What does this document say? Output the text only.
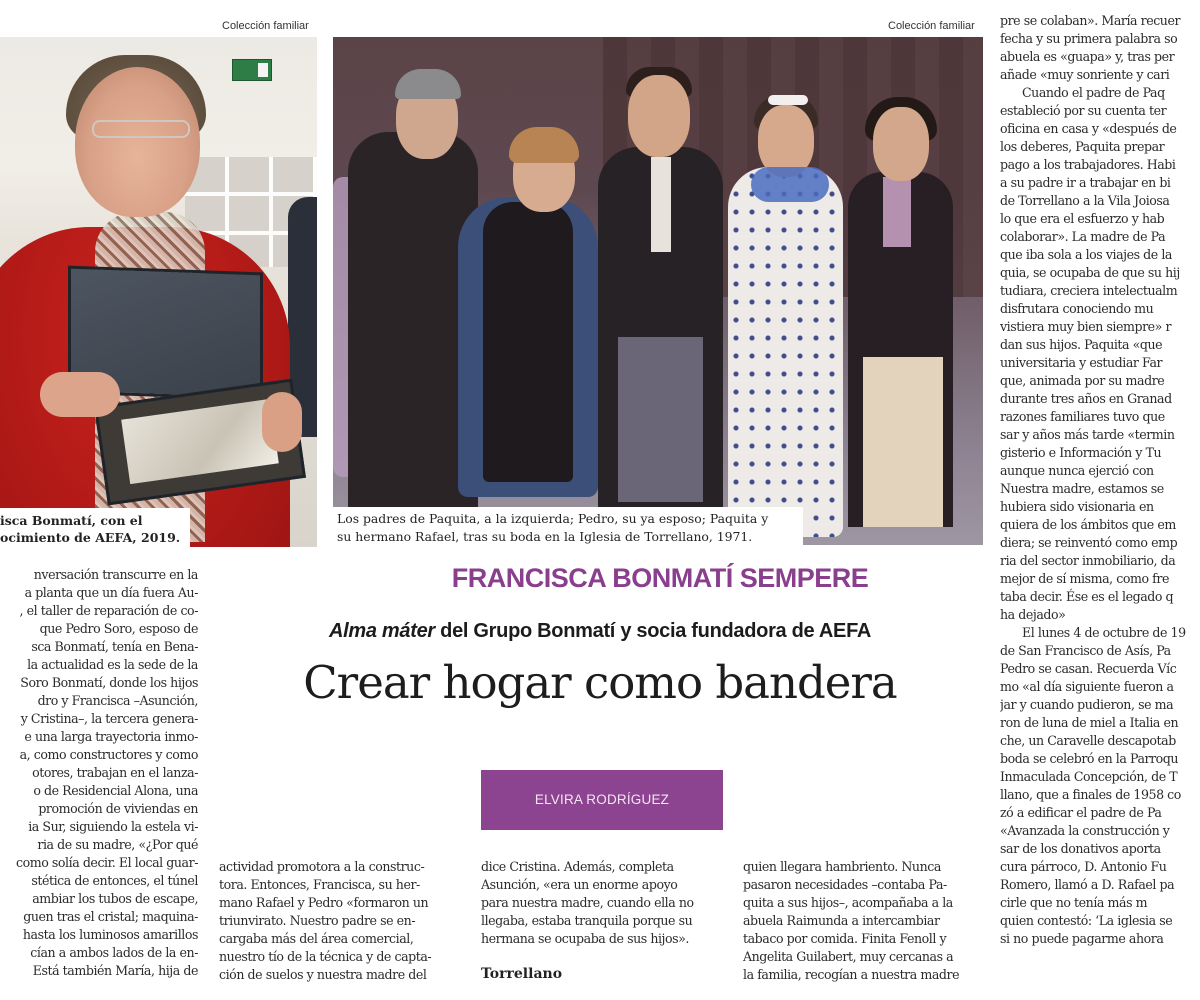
Colección familiar	Colección familiar
isca Bonmatí, con el
ocimiento de AEFA, 2019.
Los padres de Paquita, a la izquierda; Pedro, su ya esposo; Paquita y
su hermano Rafael, tras su boda en la Iglesia de Torrellano, 1971.
FRANCISCA BONMATÍ SEMPERE
Alma máter del Grupo Bonmatí y socia fundadora de AEFA
Crear hogar como bandera
ELVIRA RODRÍGUEZ
nversación transcurre en la
a planta que un día fuera Au-
, el taller de reparación de co-
que Pedro Soro, esposo de
sca Bonmatí, tenía en Bena-
la actualidad es la sede de la
Soro Bonmatí, donde los hijos
dro y Francisca –Asunción,
y Cristina–, la tercera genera-
e una larga trayectoria inmo-
a, como constructores y como
otores, trabajan en el lanza-
o de Residencial Alona, una
promoción de viviendas en
ia Sur, siguiendo la estela vi-
ria de su madre, «¿Por qué
como solía decir. El local guar-
stética de entonces, el túnel
ambiar los tubos de escape,
guen tras el cristal; maquina-
hasta los luminosos amarillos
cían a ambos lados de la en-
Está también María, hija de
actividad promotora a la construc-
tora. Entonces, Francisca, su her-
mano Rafael y Pedro «formaron un
triunvirato. Nuestro padre se en-
cargaba más del área comercial,
nuestro tío de la técnica y de capta-
ción de suelos y nuestra madre del
dice Cristina. Además, completa
Asunción, «era un enorme apoyo
para nuestra madre, cuando ella no
llegaba, estaba tranquila porque su
hermana se ocupaba de sus hijos».
Torrellano
quien llegara hambriento. Nunca
pasaron necesidades –contaba Pa-
quita a sus hijos–, acompañaba a la
abuela Raimunda a intercambiar
tabaco por comida. Finita Fenoll y
Angelita Guilabert, muy cercanas a
la familia, recogían a nuestra madre
pre se colaban». María recuer
fecha y su primera palabra so
abuela es «guapa» y, tras per
añade «muy sonriente y cari
Cuando el padre de Paq
estableció por su cuenta ter
oficina en casa y «después de
los deberes, Paquita prepar
pago a los trabajadores. Habi
a su padre ir a trabajar en bi
de Torrellano a la Vila Joiosa
lo que era el esfuerzo y hab
colaborar». La madre de Pa
que iba sola a los viajes de la
quia, se ocupaba de que su hij
tudiara, creciera intelectualm
disfrutara conociendo mu
vistiera muy bien siempre» r
dan sus hijos. Paquita «que
universitaria y estudiar Far
que, animada por su madre
durante tres años en Granad
razones familiares tuvo que
sar y años más tarde «termin
gisterio e Información y Tu
aunque nunca ejerció con
Nuestra madre, estamos se
hubiera sido visionaria en
quiera de los ámbitos que em
diera; se reinventó como emp
ria del sector inmobiliario, da
mejor de sí misma, como fre
taba decir. Ése es el legado q
ha dejado»
El lunes 4 de octubre de 19
de San Francisco de Asís, Pa
Pedro se casan. Recuerda Víc
mo «al día siguiente fueron a
jar y cuando pudieron, se ma
ron de luna de miel a Italia en
che, un Caravelle descapotab
boda se celebró en la Parroqu
Inmaculada Concepción, de T
llano, que a finales de 1958 co
zó a edificar el padre de Pa
«Avanzada la construcción y
sar de los donativos aporta
cura párroco, D. Antonio Fu
Romero, llamó a D. Rafael pa
cirle que no tenía más m
quien contestó: ‘La iglesia se
si no puede pagarme ahora
